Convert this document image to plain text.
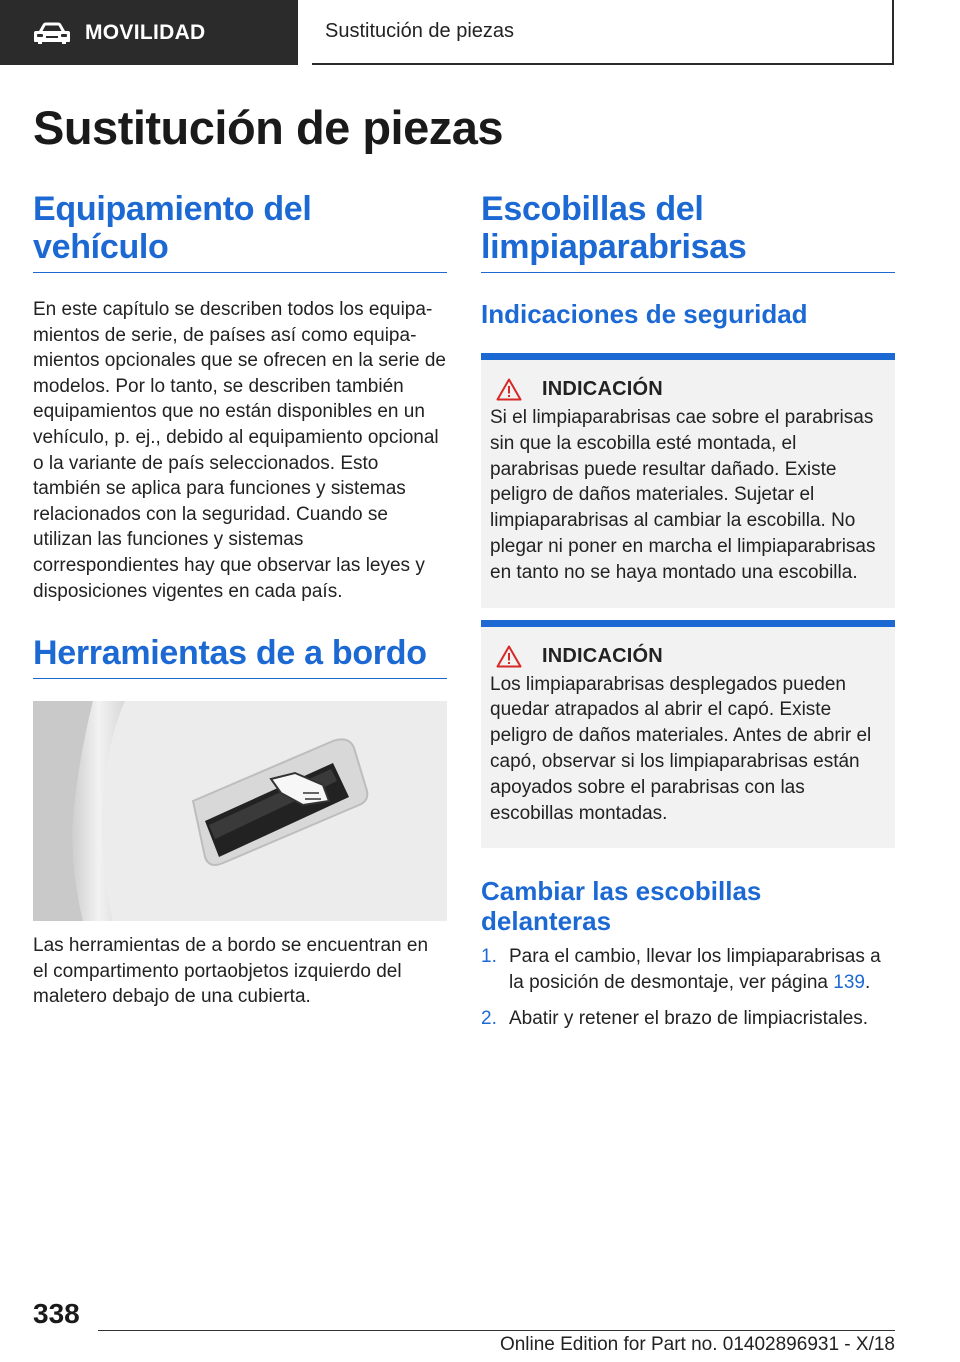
MOVILIDAD	Sustitución de piezas
Sustitución de piezas
Equipamiento del vehículo

En este capítulo se describen todos los equipamientos de serie, de países así como equipamientos opcionales que se ofrecen en la serie de modelos. Por lo tanto, se describen también equipamientos que no están disponibles en un vehículo, p. ej., debido al equipamiento opcional o la variante de país seleccionados. Esto también se aplica para funciones y sistemas relacionados con la seguridad. Cuando se utilizan las funciones y sistemas correspondientes hay que observar las leyes y disposiciones vigentes en cada país.

Herramientas de a bordo

Las herramientas de a bordo se encuentran en el compartimento portaobjetos izquierdo del maletero debajo de una cubierta.

Escobillas del limpiaparabrisas
Indicaciones de seguridad
INDICACIÓN

Si el limpiaparabrisas cae sobre el parabrisas sin que la escobilla esté montada, el parabrisas puede resultar dañado. Existe peligro de daños materiales. Sujetar el limpiaparabrisas al cambiar la escobilla. No plegar ni poner en marcha el limpiaparabrisas en tanto no se haya montado una escobilla.

INDICACIÓN

Los limpiaparabrisas desplegados pueden quedar atrapados al abrir el capó. Existe peligro de daños materiales. Antes de abrir el capó, observar si los limpiaparabrisas están apoyados sobre el parabrisas con las escobillas montadas.

Cambiar las escobillas delanteras
1. Para el cambio, llevar los limpiaparabrisas a la posición de desmontaje, ver página 139.
2. Abatir y retener el brazo de limpiacristales.
338
Online Edition for Part no. 01402896931 - X/18
